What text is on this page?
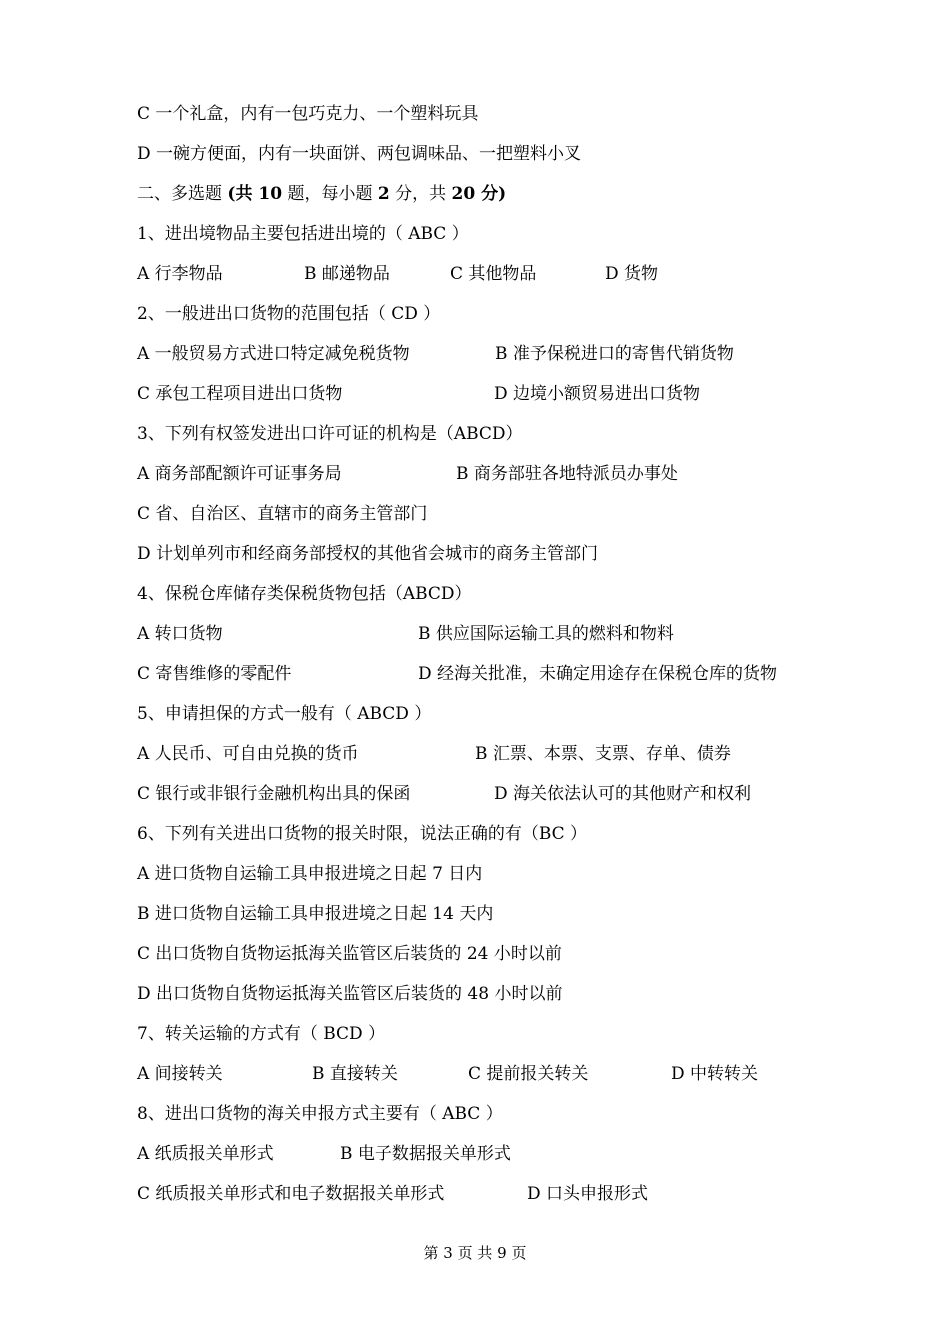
C 一个礼盒，内有一包巧克力、一个塑料玩具
D 一碗方便面，内有一块面饼、两包调味品、一把塑料小叉
二、多选题 (共 10 题，每小题 2 分，共 20 分)
1、进出境物品主要包括进出境的（ ABC ）
A 行李物品	B 邮递物品	C 其他物品	D 货物
2、一般进出口货物的范围包括（ CD ）
A 一般贸易方式进口特定减免税货物	B 准予保税进口的寄售代销货物
C 承包工程项目进出口货物	D 边境小额贸易进出口货物
3、下列有权签发进出口许可证的机构是（ABCD）
A 商务部配额许可证事务局	B 商务部驻各地特派员办事处
C 省、自治区、直辖市的商务主管部门
D 计划单列市和经商务部授权的其他省会城市的商务主管部门
4、保税仓库储存类保税货物包括（ABCD）
A 转口货物	B 供应国际运输工具的燃料和物料
C 寄售维修的零配件	D 经海关批准，未确定用途存在保税仓库的货物
5、申请担保的方式一般有（ ABCD ）
A 人民币、可自由兑换的货币	B 汇票、本票、支票、存单、债券
C 银行或非银行金融机构出具的保函	D 海关依法认可的其他财产和权利
6、下列有关进出口货物的报关时限，说法正确的有（BC ）
A 进口货物自运输工具申报进境之日起 7 日内
B 进口货物自运输工具申报进境之日起 14 天内
C 出口货物自货物运抵海关监管区后装货的 24 小时以前
D 出口货物自货物运抵海关监管区后装货的 48 小时以前
7、转关运输的方式有（ BCD ）
A 间接转关	B 直接转关	C 提前报关转关	D 中转转关
8、进出口货物的海关申报方式主要有（ ABC ）
A 纸质报关单形式	B 电子数据报关单形式
C 纸质报关单形式和电子数据报关单形式	D 口头申报形式
第 3 页 共 9 页
